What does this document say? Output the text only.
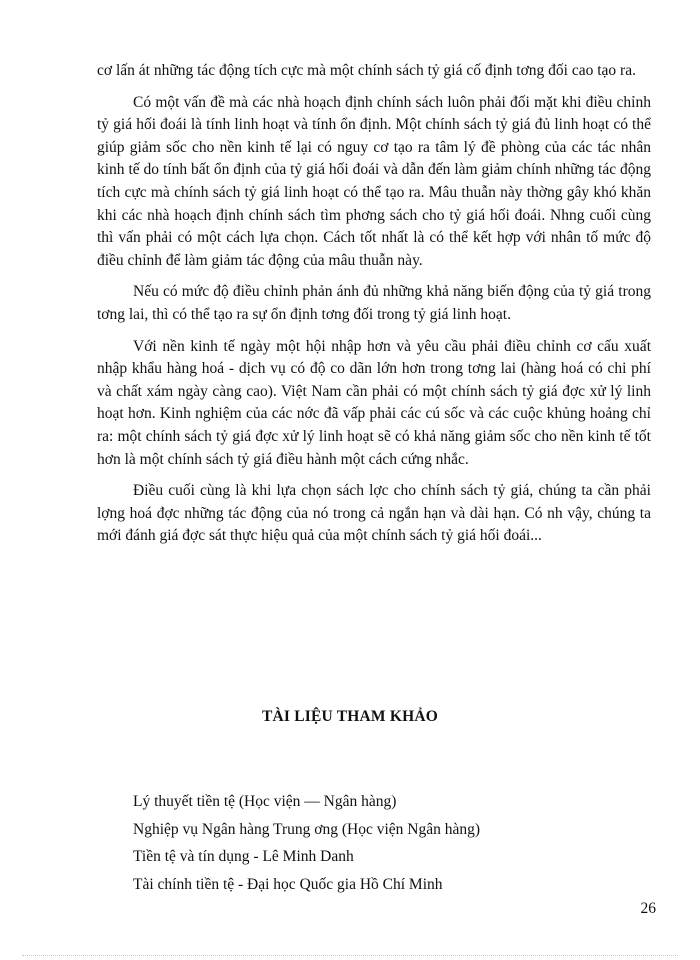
cơ lấn át những tác động tích cực mà một chính sách tỷ giá cố định tơng đối cao tạo ra.

Có một vấn đề mà các nhà hoạch định chính sách luôn phải đối mặt khi điều chỉnh tỷ giá hối đoái là tính linh hoạt và tính ổn định. Một chính sách tỷ giá đủ linh hoạt có thể giúp giảm sốc cho nền kinh tế lại có nguy cơ tạo ra tâm lý đề phòng của các tác nhân kinh tế do tính bất ổn định của tỷ giá hối đoái và dẫn đến làm giảm chính những tác động tích cực mà chính sách tỷ giá linh hoạt có thể tạo ra. Mâu thuẫn này thờng gây khó khăn khi các nhà hoạch định chính sách tìm phơng sách cho tỷ giá hối đoái. Nhng cuối cùng thì vấn phải có một cách lựa chọn. Cách tốt nhất là có thể kết hợp với nhân tố mức độ điều chỉnh để làm giảm tác động của mâu thuẫn này.

Nếu có mức độ điều chỉnh phản ánh đủ những khả năng biến động của tỷ giá trong tơng lai, thì có thể tạo ra sự ổn định tơng đối trong tỷ giá linh hoạt.

Với nền kinh tế ngày một hội nhập hơn và yêu cầu phải điều chỉnh cơ cấu xuất nhập khẩu hàng hoá - dịch vụ có độ co dãn lớn hơn trong tơng lai (hàng hoá có chi phí và chất xám ngày càng cao). Việt Nam cần phải có một chính sách tỷ giá đợc xử lý linh hoạt hơn. Kinh nghiệm của các nớc đã vấp phải các cú sốc và các cuộc khủng hoảng chỉ ra: một chính sách tỷ giá đợc xử lý linh hoạt sẽ có khả năng giảm sốc cho nền kinh tế tốt hơn là một chính sách tỷ giá điều hành một cách cứng nhắc.

Điều cuối cùng là khi lựa chọn sách lợc cho chính sách tỷ giá, chúng ta cần phải lợng hoá đợc những tác động của nó trong cả ngắn hạn và dài hạn. Có nh vậy, chúng ta mới đánh giá đợc sát thực hiệu quả của một chính sách tỷ giá hối đoái...

TÀI LIỆU THAM KHẢO
Lý thuyết tiền tệ (Học viện — Ngân hàng)
Nghiệp vụ Ngân hàng Trung ơng (Học viện Ngân hàng)
Tiền tệ và tín dụng - Lê Minh Danh
Tài chính tiền tệ - Đại học Quốc gia Hồ Chí Minh
26
